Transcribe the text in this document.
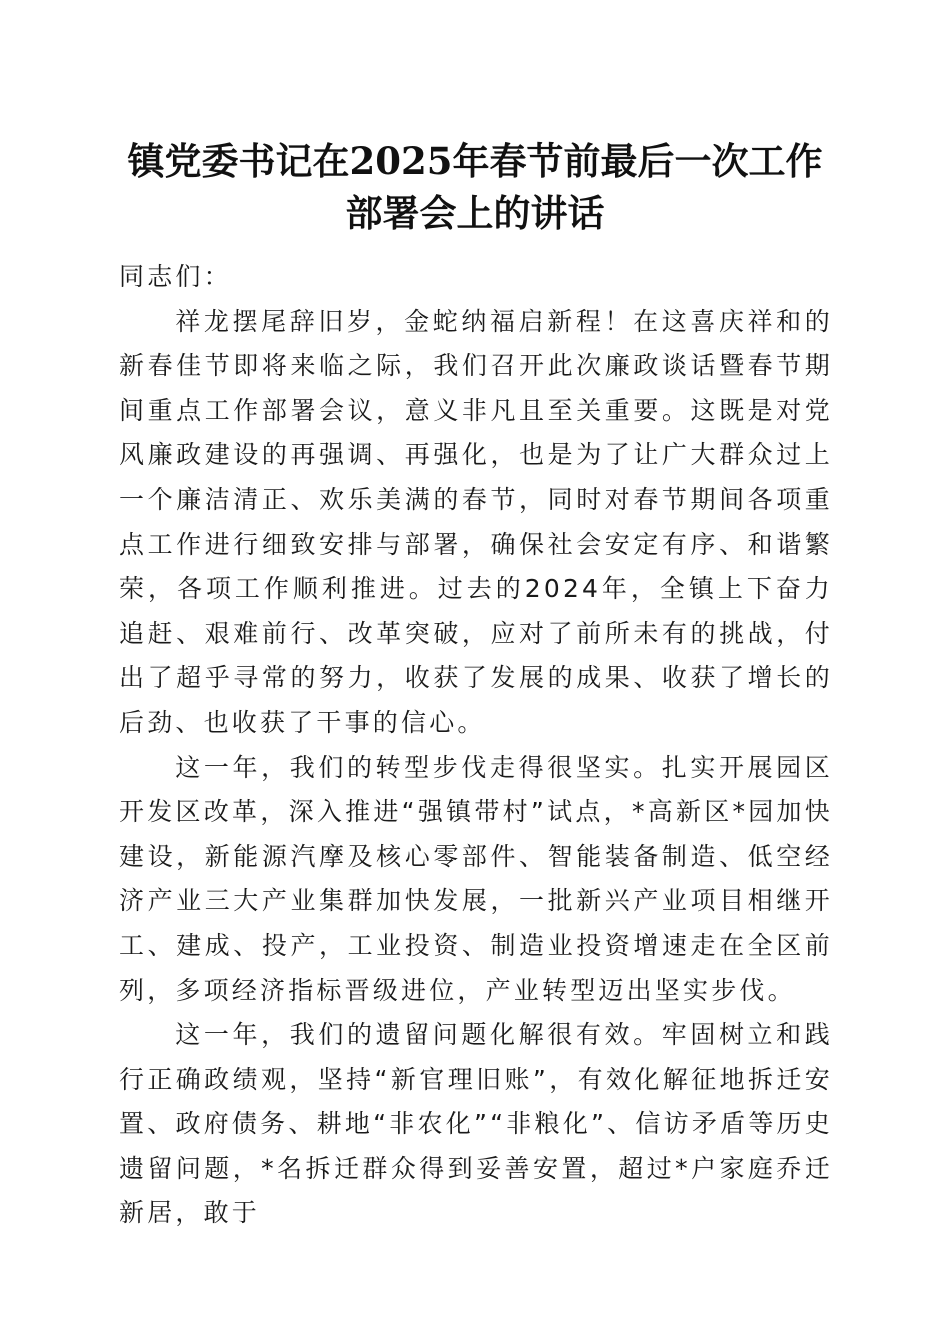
镇党委书记在2025年春节前最后一次工作部署会上的讲话

同志们：

祥龙摆尾辞旧岁，金蛇纳福启新程！在这喜庆祥和的新春佳节即将来临之际，我们召开此次廉政谈话暨春节期间重点工作部署会议，意义非凡且至关重要。这既是对党风廉政建设的再强调、再强化，也是为了让广大群众过上一个廉洁清正、欢乐美满的春节，同时对春节期间各项重点工作进行细致安排与部署，确保社会安定有序、和谐繁荣，各项工作顺利推进。过去的2024年，全镇上下奋力追赶、艰难前行、改革突破，应对了前所未有的挑战，付出了超乎寻常的努力，收获了发展的成果、收获了增长的后劲、也收获了干事的信心。

这一年，我们的转型步伐走得很坚实。扎实开展园区开发区改革，深入推进“强镇带村”试点，*高新区*园加快建设，新能源汽摩及核心零部件、智能装备制造、低空经济产业三大产业集群加快发展，一批新兴产业项目相继开工、建成、投产，工业投资、制造业投资增速走在全区前列，多项经济指标晋级进位，产业转型迈出坚实步伐。

这一年，我们的遗留问题化解很有效。牢固树立和践行正确政绩观，坚持“新官理旧账”，有效化解征地拆迁安置、政府债务、耕地“非农化”“非粮化”、信访矛盾等历史遗留问题，*名拆迁群众得到妥善安置，超过*户家庭乔迁新居，敢于
